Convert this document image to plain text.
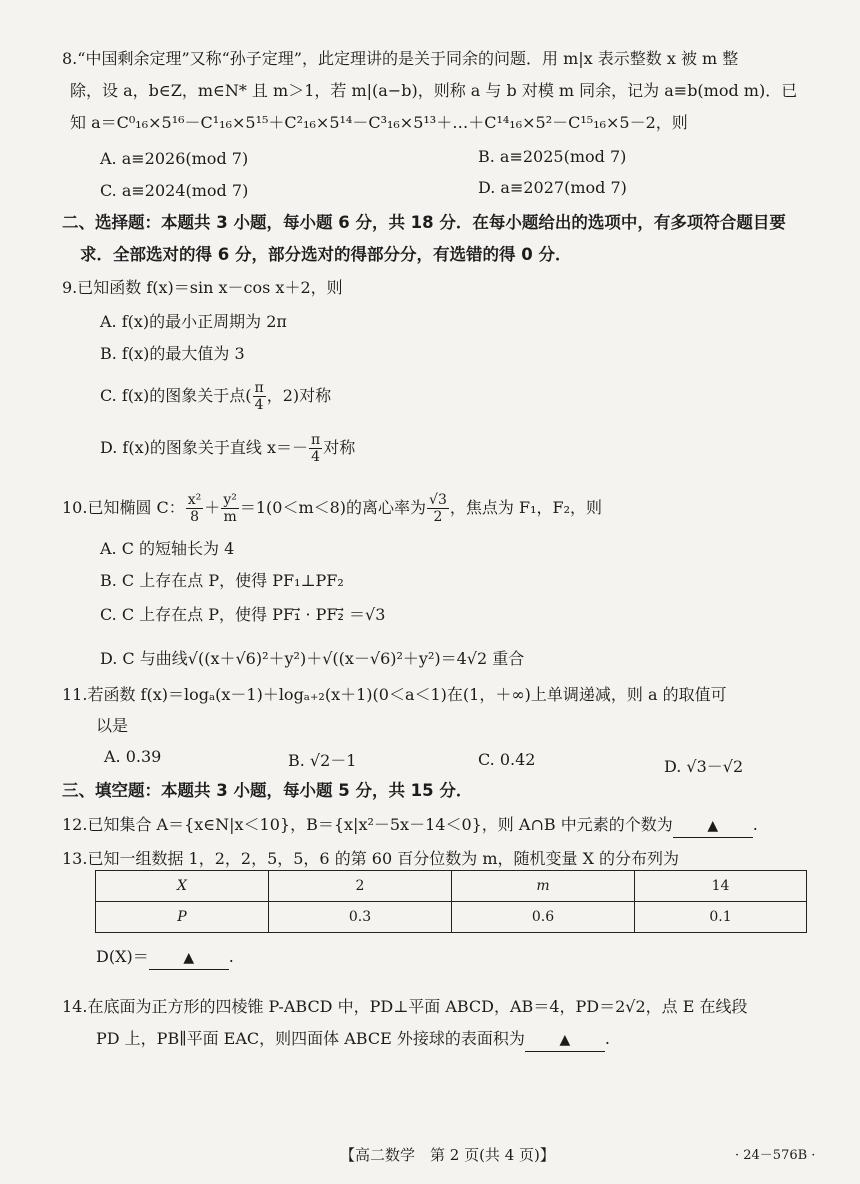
8.“中国剩余定理”又称“孙子定理”，此定理讲的是关于同余的问题．用 m|x 表示整数 x 被 m 整
除，设 a，b∈Z，m∈N* 且 m＞1，若 m|(a−b)，则称 a 与 b 对模 m 同余，记为 a≡b(mod m)．已
知 a＝C⁰₁₆×5¹⁶－C¹₁₆×5¹⁵＋C²₁₆×5¹⁴－C³₁₆×5¹³＋…＋C¹⁴₁₆×5²－C¹⁵₁₆×5－2，则
A. a≡2026(mod 7)	B. a≡2025(mod 7)
C. a≡2024(mod 7)	D. a≡2027(mod 7)
二、选择题：本题共 3 小题，每小题 6 分，共 18 分．在每小题给出的选项中，有多项符合题目要
求．全部选对的得 6 分，部分选对的得部分分，有选错的得 0 分．
9.已知函数 f(x)＝sin x－cos x＋2，则
A. f(x)的最小正周期为 2π
B. f(x)的最大值为 3
C. f(x)的图象关于点( $\frac{\pi}{4}$ ，2)对称
D. f(x)的图象关于直线 $x=- \frac{\pi}{4}$ 对称
10.已知椭圆 C： $\frac{\text{x²}}{8} + \frac{\text{y²}}{m} =1(0<m<8)$的离心率为 $\frac{√3}{2}$ ，焦点为 F₁，F₂，则
A. C 的短轴长为 4
B. C 上存在点 P，使得 PF₁⊥PF₂
C. C 上存在点 P，使得 PF₁⃗ · PF₂⃗ ＝√3
D. C 与曲线√((x＋√6)²＋y²)＋√((x－√6)²＋y²)＝4√2 重合
11.若函数 f(x)＝logₐ(x－1)＋logₐ₊₂(x＋1)(0＜a＜1)在(1，＋∞)上单调递减，则 a 的取值可
以是
A. 0.39	B. √2－1	C. 0.42	D. √3－√2
三、填空题：本题共 3 小题，每小题 5 分，共 15 分．
12.已知集合 A＝{x∈N|x＜10}，B＝{x|x²－5x－14＜0}，则 A∩B 中元素的个数为 ▲ .
13.已知一组数据 1，2，2，5，5，6 的第 60 百分位数为 m，随机变量 X 的分布列为
X	2	m	14
P	0.3	0.6	0.1
D(X)＝ ▲ .
14.在底面为正方形的四棱锥 P-ABCD 中，PD⊥平面 ABCD，AB＝4，PD＝2√2，点 E 在线段
PD 上，PB∥平面 EAC，则四面体 ABCE 外接球的表面积为 ▲ .
【高二数学　第 2 页(共 4 页)】	· 24－576B ·
